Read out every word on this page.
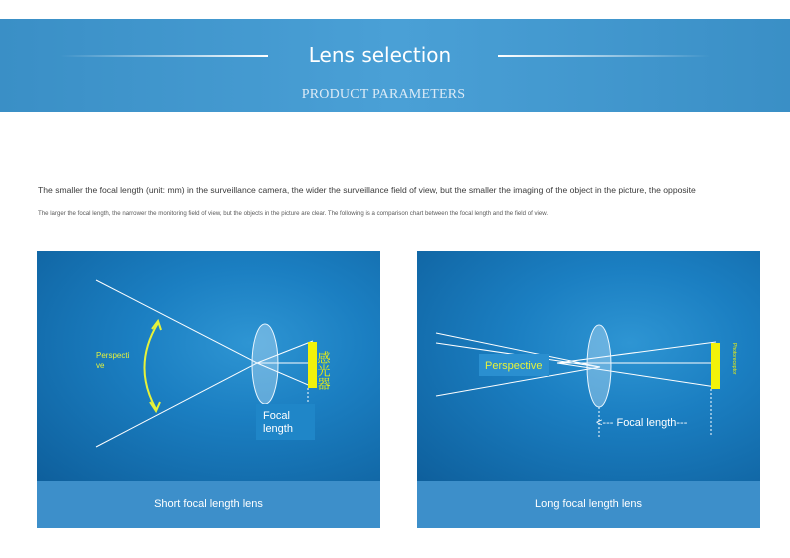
Lens selection
PRODUCT PARAMETERS
The smaller the focal length (unit: mm) in the surveillance camera, the wider the surveillance field of view, but the smaller the imaging of the object in the picture, the opposite
The larger the focal length, the narrower the monitoring field of view, but the objects in the picture are clear. The following is a comparison chart between the focal length and the field of view.
Perspecti
ve
Focal
length
感光器
Short focal length lens
Perspective
<--- Focal length---
Photoreceptor
Long focal length lens
